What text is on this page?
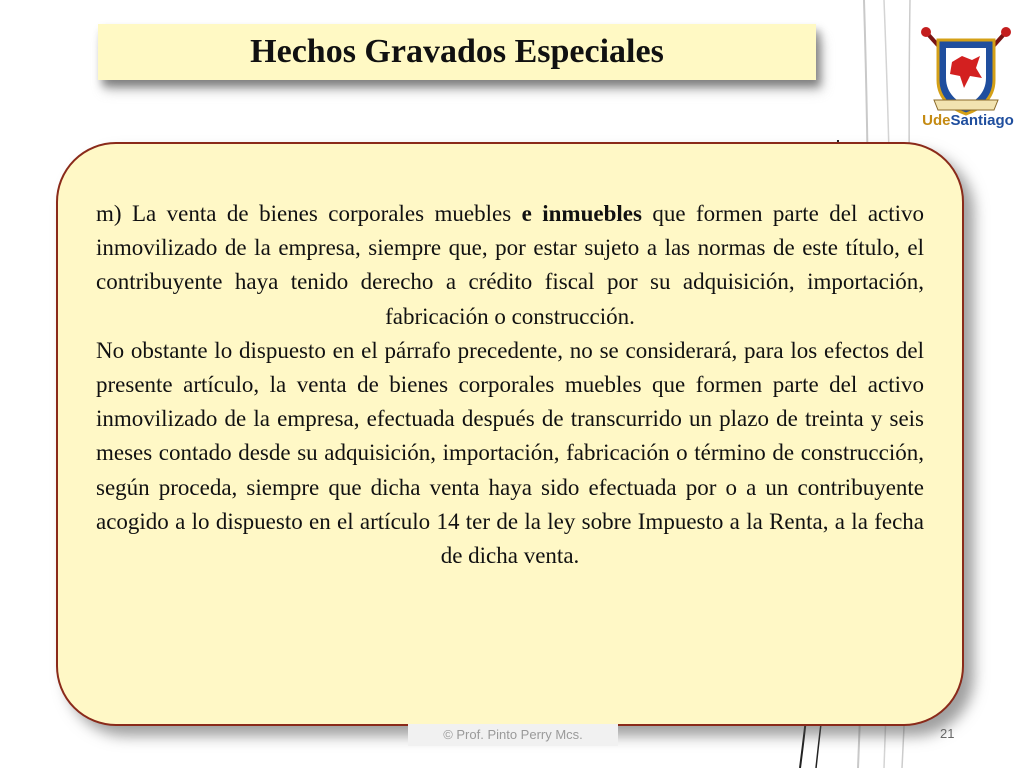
Hechos Gravados Especiales
UdeSantiago

m) La venta de bienes corporales muebles e inmuebles que formen parte del activo inmovilizado de la empresa, siempre que, por estar sujeto a las normas de este título, el contribuyente haya tenido derecho a crédito fiscal por su adquisición, importación, fabricación o construcción.

No obstante lo dispuesto en el párrafo precedente, no se considerará, para los efectos del presente artículo, la venta de bienes corporales muebles que formen parte del activo inmovilizado de la empresa, efectuada después de transcurrido un plazo de treinta y seis meses contado desde su adquisición, importación, fabricación o término de construcción, según proceda, siempre que dicha venta haya sido efectuada por o a un contribuyente acogido a lo dispuesto en el artículo 14 ter de la ley sobre Impuesto a la Renta, a la fecha de dicha venta.

© Prof. Pinto Perry Mcs.	21
